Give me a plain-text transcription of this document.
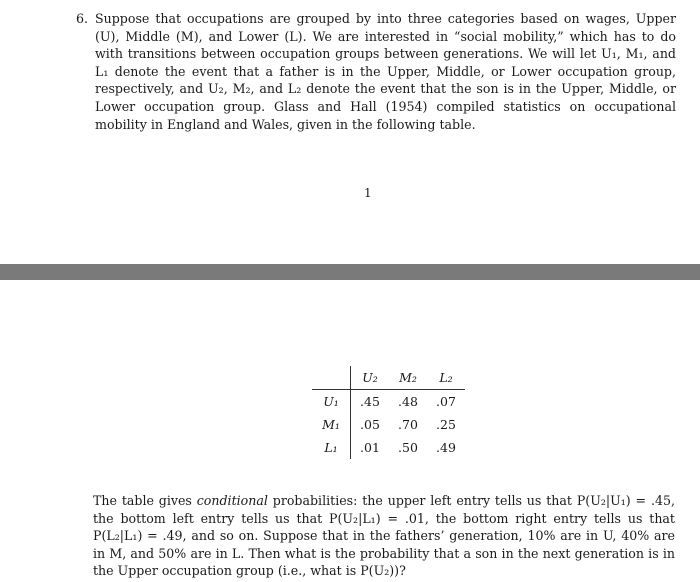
6. Suppose that occupations are grouped by into three categories based on wages, Upper (U), Middle (M), and Lower (L). We are interested in “social mobility,” which has to do with transitions between occupation groups between generations. We will let U₁, M₁, and L₁ denote the event that a father is in the Upper, Middle, or Lower occupation group, respectively, and U₂, M₂, and L₂ denote the event that the son is in the Upper, Middle, or Lower occupation group. Glass and Hall (1954) compiled statistics on occupational mobility in England and Wales, given in the following table.
1
	U₂	M₂	L₂
U₁	.45	.48	.07
M₁	.05	.70	.25
L₁	.01	.50	.49
The table gives conditional probabilities: the upper left entry tells us that P(U₂|U₁) = .45, the bottom left entry tells us that P(U₂|L₁) = .01, the bottom right entry tells us that P(L₂|L₁) = .49, and so on. Suppose that in the fathers’ generation, 10% are in U, 40% are in M, and 50% are in L. Then what is the probability that a son in the next generation is in the Upper occupation group (i.e., what is P(U₂))?
